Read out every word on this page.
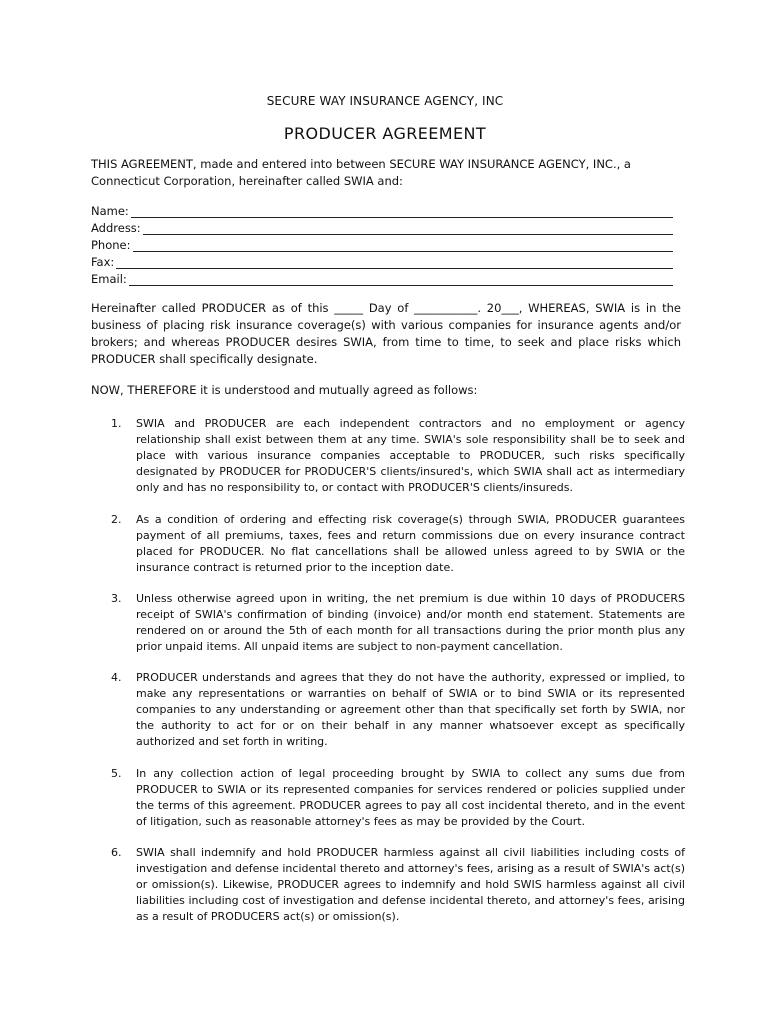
SECURE WAY INSURANCE AGENCY, INC
PRODUCER AGREEMENT
THIS AGREEMENT, made and entered into between SECURE WAY INSURANCE AGENCY, INC., a Connecticut Corporation, hereinafter called SWIA and:
Name:
Address:
Phone:
Fax:
Email:
Hereinafter called PRODUCER as of this _____ Day of ___________. 20___, WHEREAS, SWIA is in the business of placing risk insurance coverage(s) with various companies for insurance agents and/or brokers; and whereas PRODUCER desires SWIA, from time to time, to seek and place risks which PRODUCER shall specifically designate.
NOW, THEREFORE it is understood and mutually agreed as follows:
1. SWIA and PRODUCER are each independent contractors and no employment or agency relationship shall exist between them at any time. SWIA's sole responsibility shall be to seek and place with various insurance companies acceptable to PRODUCER, such risks specifically designated by PRODUCER for PRODUCER'S clients/insured's, which SWIA shall act as intermediary only and has no responsibility to, or contact with PRODUCER'S clients/insureds.
2. As a condition of ordering and effecting risk coverage(s) through SWIA, PRODUCER guarantees payment of all premiums, taxes, fees and return commissions due on every insurance contract placed for PRODUCER. No flat cancellations shall be allowed unless agreed to by SWIA or the insurance contract is returned prior to the inception date.
3. Unless otherwise agreed upon in writing, the net premium is due within 10 days of PRODUCERS receipt of SWIA's confirmation of binding (invoice) and/or month end statement. Statements are rendered on or around the 5th of each month for all transactions during the prior month plus any prior unpaid items. All unpaid items are subject to non-payment cancellation.
4. PRODUCER understands and agrees that they do not have the authority, expressed or implied, to make any representations or warranties on behalf of SWIA or to bind SWIA or its represented companies to any understanding or agreement other than that specifically set forth by SWIA, nor the authority to act for or on their behalf in any manner whatsoever except as specifically authorized and set forth in writing.
5. In any collection action of legal proceeding brought by SWIA to collect any sums due from PRODUCER to SWIA or its represented companies for services rendered or policies supplied under the terms of this agreement. PRODUCER agrees to pay all cost incidental thereto, and in the event of litigation, such as reasonable attorney's fees as may be provided by the Court.
6. SWIA shall indemnify and hold PRODUCER harmless against all civil liabilities including costs of investigation and defense incidental thereto and attorney's fees, arising as a result of SWIA's act(s) or omission(s). Likewise, PRODUCER agrees to indemnify and hold SWIS harmless against all civil liabilities including cost of investigation and defense incidental thereto, and attorney's fees, arising as a result of PRODUCERS act(s) or omission(s).
